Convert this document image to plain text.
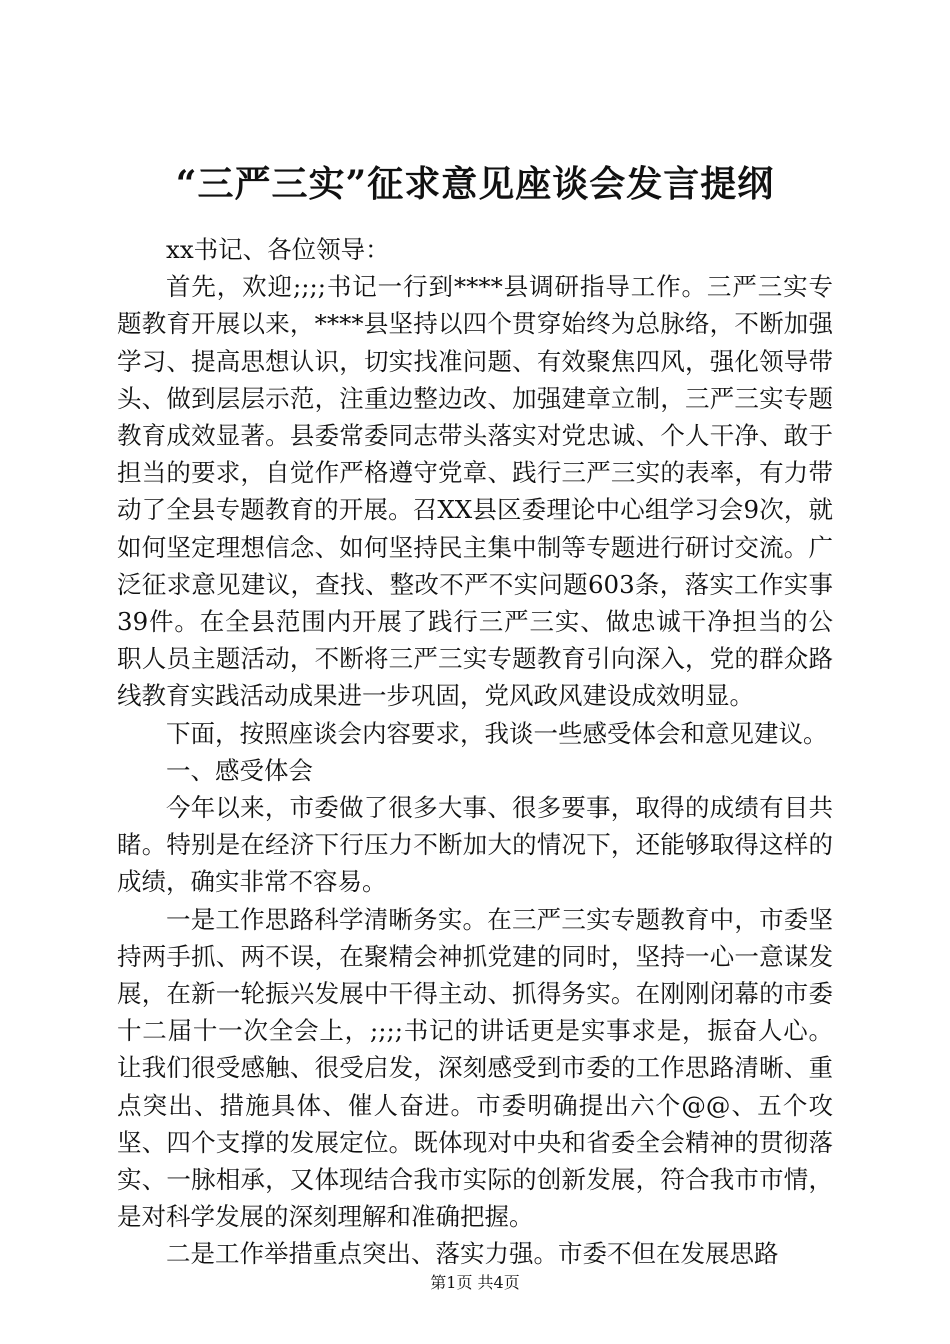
“三严三实”征求意见座谈会发言提纲

xx书记、各位领导：

首先，欢迎;;;;书记一行到****县调研指导工作。三严三实专题教育开展以来，****县坚持以四个贯穿始终为总脉络，不断加强学习、提高思想认识，切实找准问题、有效聚焦四风，强化领导带头、做到层层示范，注重边整边改、加强建章立制，三严三实专题教育成效显著。县委常委同志带头落实对党忠诚、个人干净、敢于担当的要求，自觉作严格遵守党章、践行三严三实的表率，有力带动了全县专题教育的开展。召XX县区委理论中心组学习会9次，就如何坚定理想信念、如何坚持民主集中制等专题进行研讨交流。广泛征求意见建议，查找、整改不严不实问题603条，落实工作实事39件。在全县范围内开展了践行三严三实、做忠诚干净担当的公职人员主题活动，不断将三严三实专题教育引向深入，党的群众路线教育实践活动成果进一步巩固，党风政风建设成效明显。

下面，按照座谈会内容要求，我谈一些感受体会和意见建议。

一、感受体会

今年以来，市委做了很多大事、很多要事，取得的成绩有目共睹。特别是在经济下行压力不断加大的情况下，还能够取得这样的成绩，确实非常不容易。

一是工作思路科学清晰务实。在三严三实专题教育中，市委坚持两手抓、两不误，在聚精会神抓党建的同时，坚持一心一意谋发展，在新一轮振兴发展中干得主动、抓得务实。在刚刚闭幕的市委十二届十一次全会上，;;;;书记的讲话更是实事求是，振奋人心。让我们很受感触、很受启发，深刻感受到市委的工作思路清晰、重点突出、措施具体、催人奋进。市委明确提出六个@@、五个攻坚、四个支撑的发展定位。既体现对中央和省委全会精神的贯彻落实、一脉相承，又体现结合我市实际的创新发展，符合我市市情，是对科学发展的深刻理解和准确把握。

二是工作举措重点突出、落实力强。市委不但在发展思路

第1页 共4页
